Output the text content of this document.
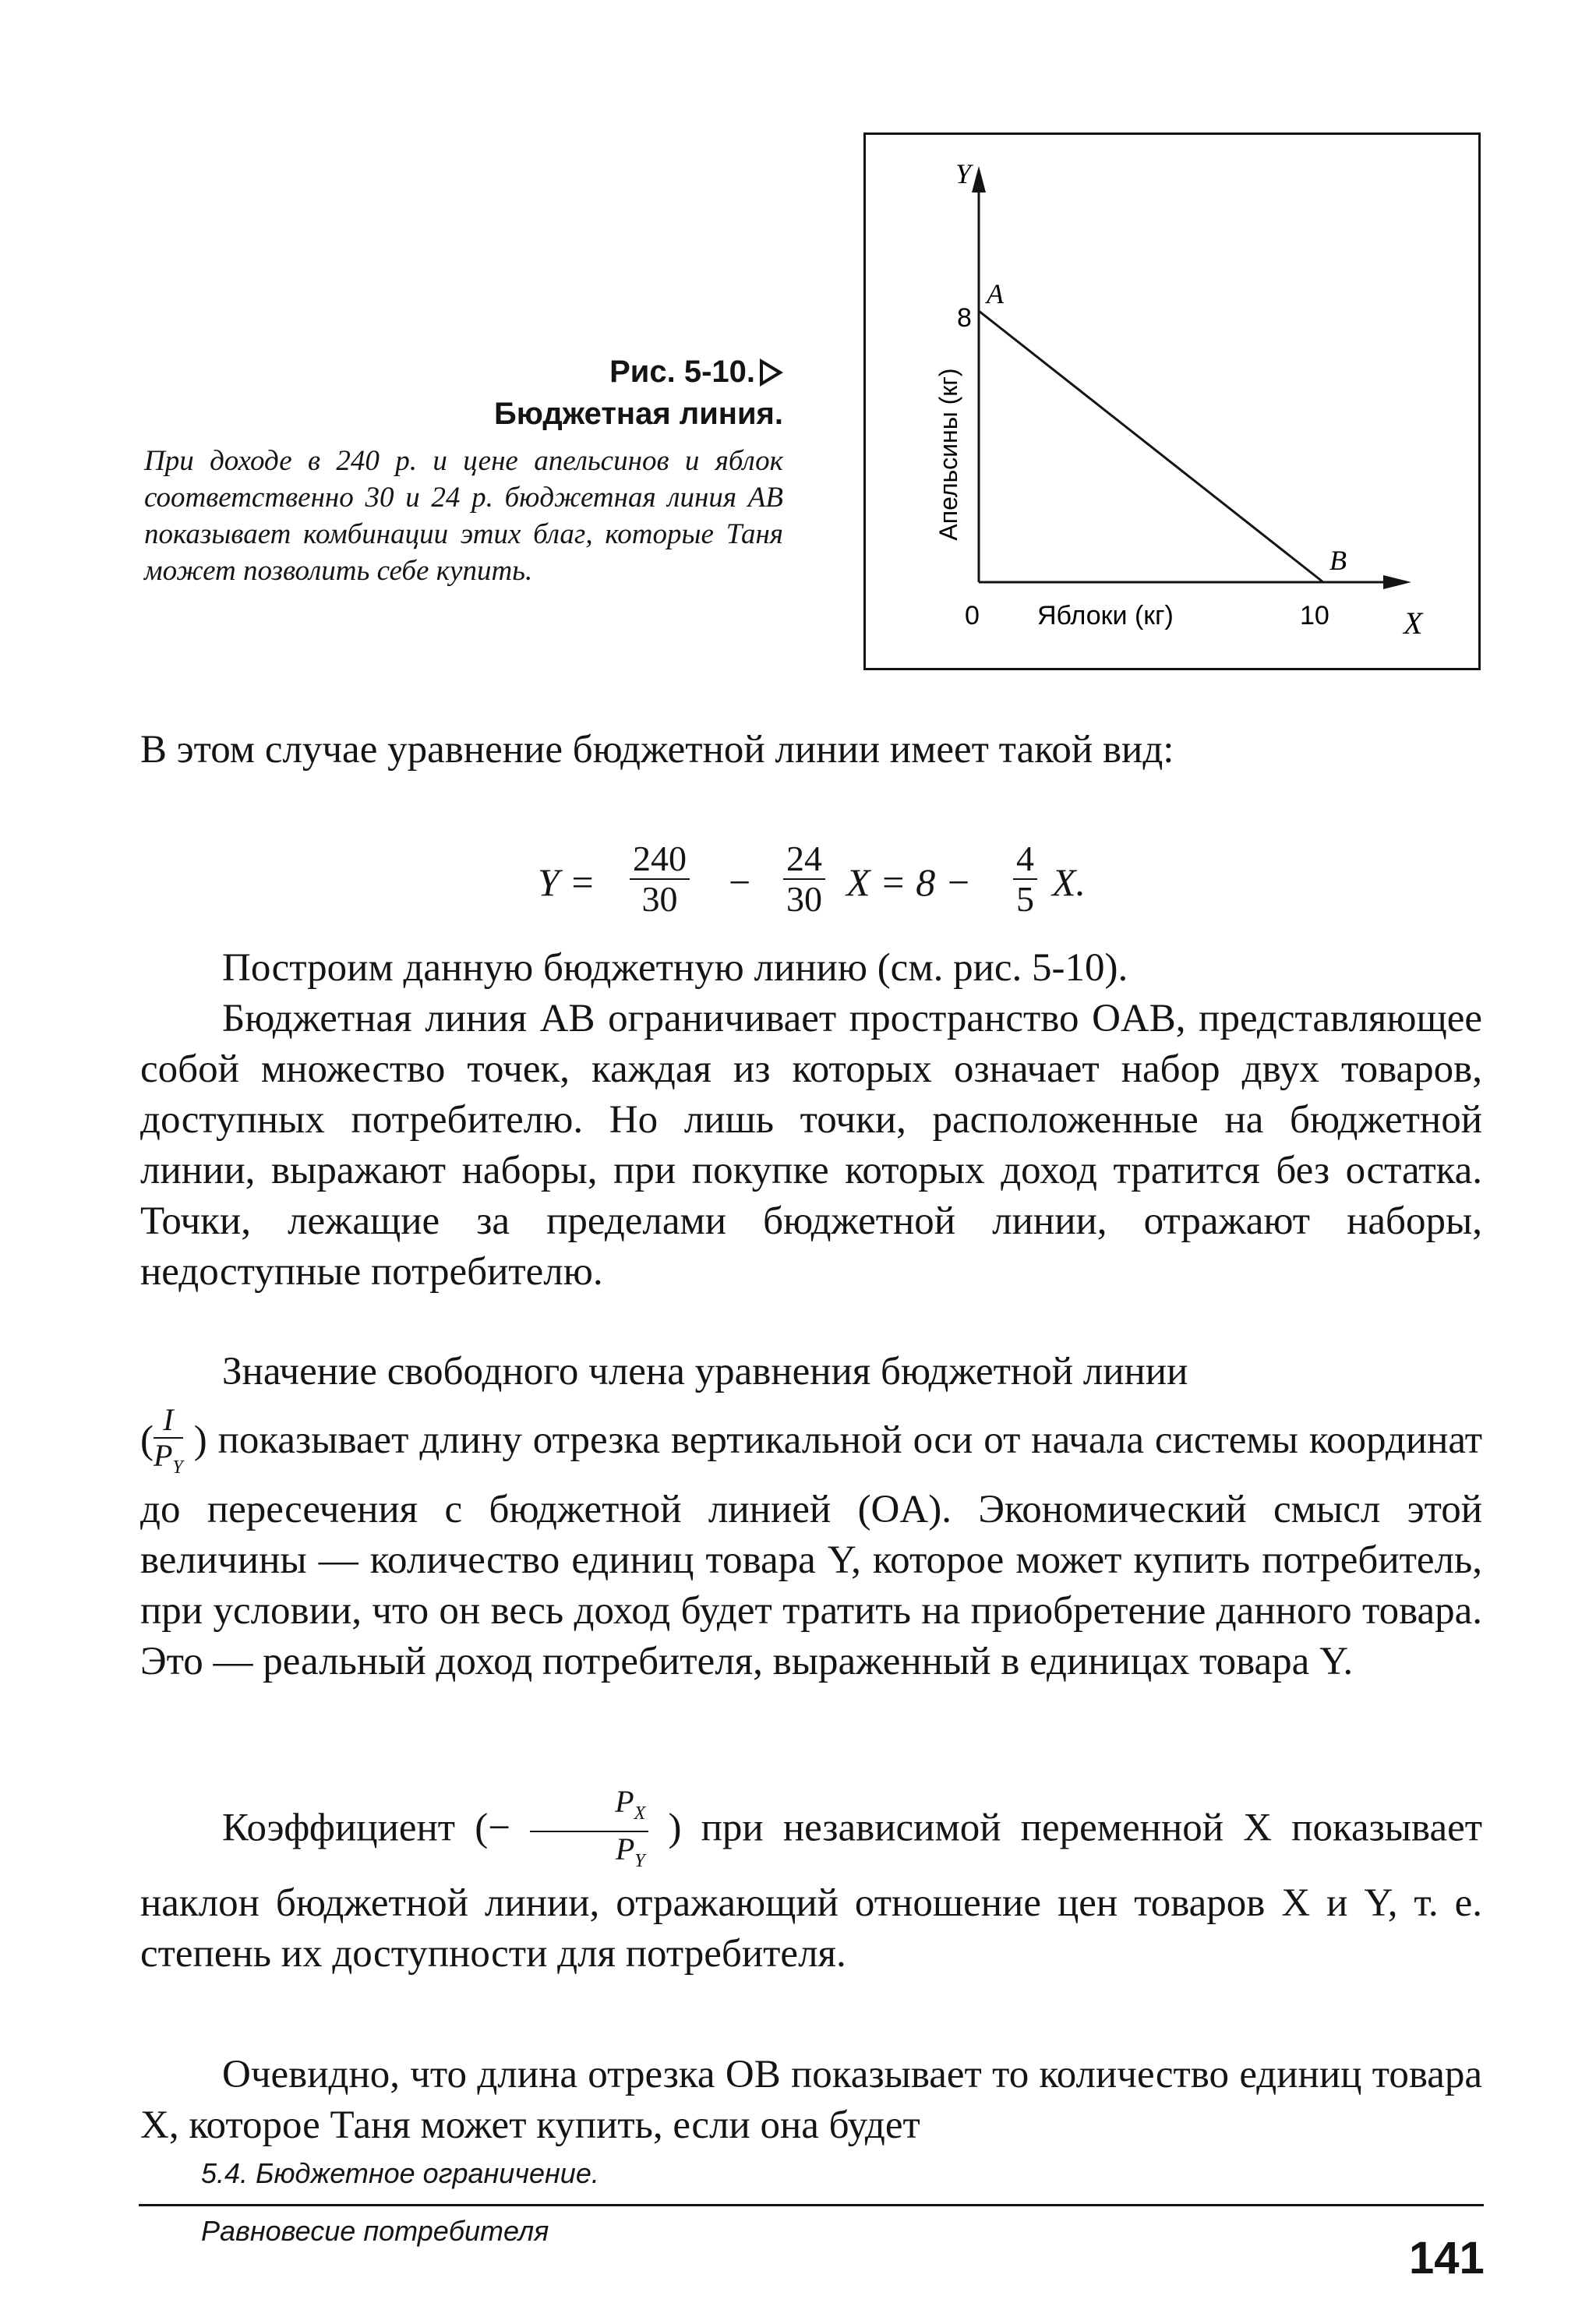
Рис. 5-10.
Бюджетная линия.
При доходе в 240 р. и цене апельсинов и яблок соответственно 30 и 24 р. бюджетная линия АВ показывает комбинации этих благ, которые Таня может позволить себе купить.
Y
X
0 Яблоки (кг)	10
8
Апельсины (кг)
A
B

В этом случае уравнение бюджетной линии имеет такой вид:

$Y = \frac{240}{30} - \frac{24}{30}$ $X = 8 - \frac{4}{5} X$.

Построим данную бюджетную линию (см. рис. 5-10).

Бюджетная линия AB ограничивает пространство OAB, представляющее собой множество точек, каждая из которых означает набор двух товаров, доступных потребителю. Но лишь точки, расположенные на бюджетной линии, выражают наборы, при покупке которых доход тратится без остатка. Точки, лежащие за пределами бюджетной линии, отражают наборы, недоступные потребителю.

Значение свободного члена уравнения бюджетной линии

( $\frac{I}{P_Y}$ ) показывает длину отрезка вертикальной оси от начала системы координат до пересечения с бюджетной линией (OA). Экономический смысл этой величины — количество единиц товара Y, которое может купить потребитель, при условии, что он весь доход будет тратить на приобретение данного товара. Это — реальный доход потребителя, выраженный в единицах товара Y.

Коэффициент (− $\frac{P_X}{P_Y}$ ) при независимой переменной X показывает наклон бюджетной линии, отражающий отношение цен товаров X и Y, т. е. степень их доступности для потребителя.

Очевидно, что длина отрезка OB показывает то количество единиц товара X, которое Таня может купить, если она будет

5.4. Бюджетное ограничение.
Равновесие потребителя
141
